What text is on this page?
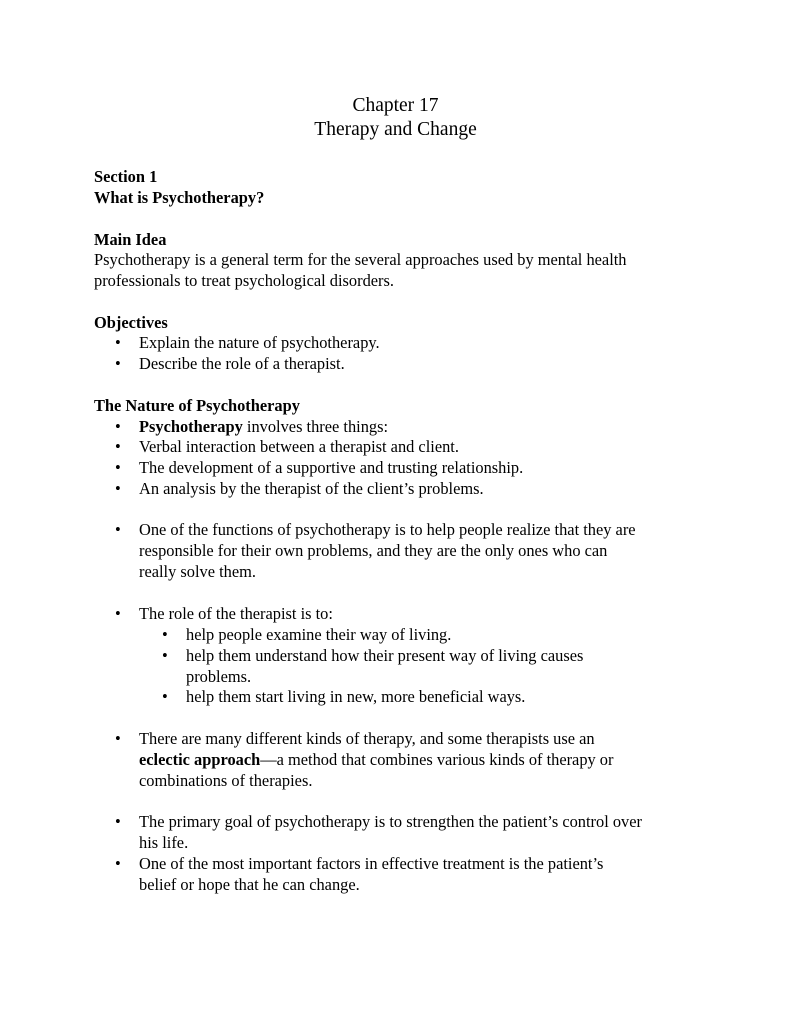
Chapter 17
Therapy and Change
Section 1
What is Psychotherapy?
Main Idea
Psychotherapy is a general term for the several approaches used by mental health
professionals to treat psychological disorders.
Objectives
• Explain the nature of psychotherapy.
• Describe the role of a therapist.
The Nature of Psychotherapy
• Psychotherapy involves three things:
• Verbal interaction between a therapist and client.
• The development of a supportive and trusting relationship.
• An analysis by the therapist of the client’s problems.
• One of the functions of psychotherapy is to help people realize that they are
responsible for their own problems, and they are the only ones who can
really solve them.
• The role of the therapist is to:
• help people examine their way of living.
• help them understand how their present way of living causes
problems.
• help them start living in new, more beneficial ways.
• There are many different kinds of therapy, and some therapists use an
eclectic approach—a method that combines various kinds of therapy or
combinations of therapies.
• The primary goal of psychotherapy is to strengthen the patient’s control over
his life.
• One of the most important factors in effective treatment is the patient’s
belief or hope that he can change.
